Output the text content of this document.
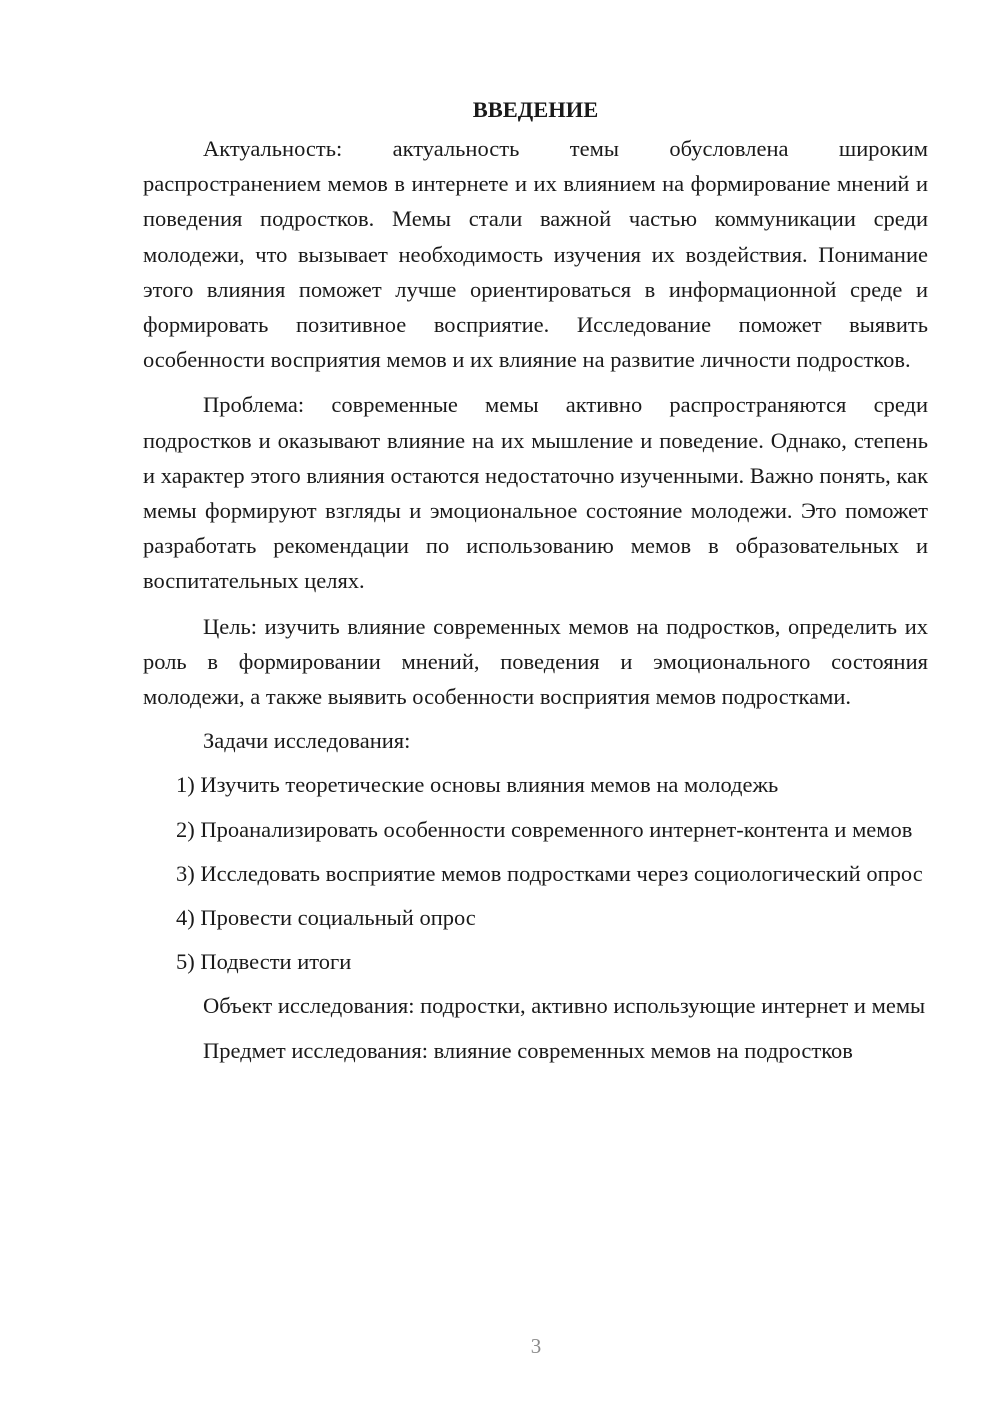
ВВЕДЕНИЕ

Актуальность: актуальность темы обусловлена широким распространением мемов в интернете и их влиянием на формирование мнений и поведения подростков. Мемы стали важной частью коммуникации среди молодежи, что вызывает необходимость изучения их воздействия. Понимание этого влияния поможет лучше ориентироваться в информационной среде и формировать позитивное восприятие. Исследование поможет выявить особенности восприятия мемов и их влияние на развитие личности подростков.

Проблема: современные мемы активно распространяются среди подростков и оказывают влияние на их мышление и поведение. Однако, степень и характер этого влияния остаются недостаточно изученными. Важно понять, как мемы формируют взгляды и эмоциональное состояние молодежи. Это поможет разработать рекомендации по использованию мемов в образовательных и воспитательных целях.

Цель: изучить влияние современных мемов на подростков, определить их роль в формировании мнений, поведения и эмоционального состояния молодежи, а также выявить особенности восприятия мемов подростками.

Задачи исследования:

1) Изучить теоретические основы влияния мемов на молодежь

2) Проанализировать особенности современного интернет-контента и мемов

3) Исследовать восприятие мемов подростками через социологический опрос

4) Провести социальный опрос

5) Подвести итоги

Объект исследования: подростки, активно использующие интернет и мемы

Предмет исследования: влияние современных мемов на подростков

3
